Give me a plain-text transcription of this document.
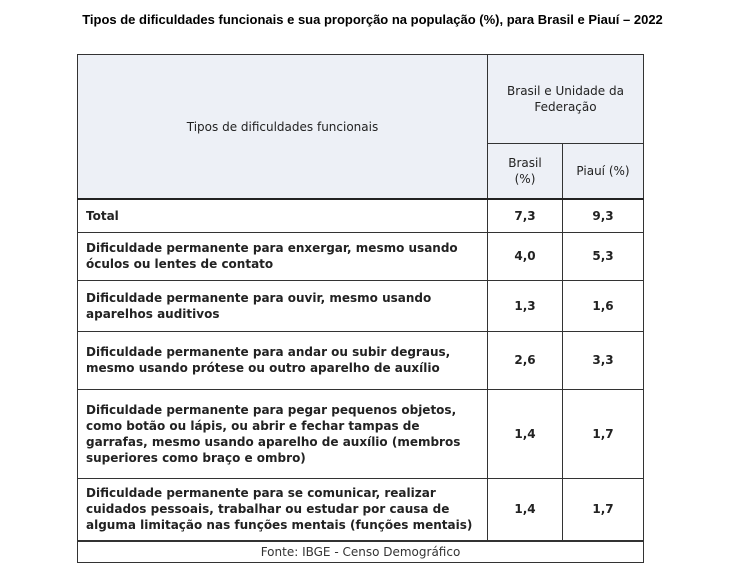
Tipos de dificuldades funcionais e sua proporção na população (%), para Brasil e Piauí – 2022
Tipos de dificuldades funcionais	Brasil e Unidade da Federação	
	Brasil (%)	Piauí (%)
Total	7,3	9,3
Dificuldade permanente para enxergar, mesmo usando óculos ou lentes de contato	4,0	5,3
Dificuldade permanente para ouvir, mesmo usando aparelhos auditivos	1,3	1,6
Dificuldade permanente para andar ou subir degraus, mesmo usando prótese ou outro aparelho de auxílio	2,6	3,3
Dificuldade permanente para pegar pequenos objetos, como botão ou lápis, ou abrir e fechar tampas de garrafas, mesmo usando aparelho de auxílio (membros superiores como braço e ombro)	1,4	1,7
Dificuldade permanente para se comunicar, realizar cuidados pessoais, trabalhar ou estudar por causa de alguma limitação nas funções mentais (funções mentais)	1,4	1,7
Fonte: IBGE - Censo Demográfico		
